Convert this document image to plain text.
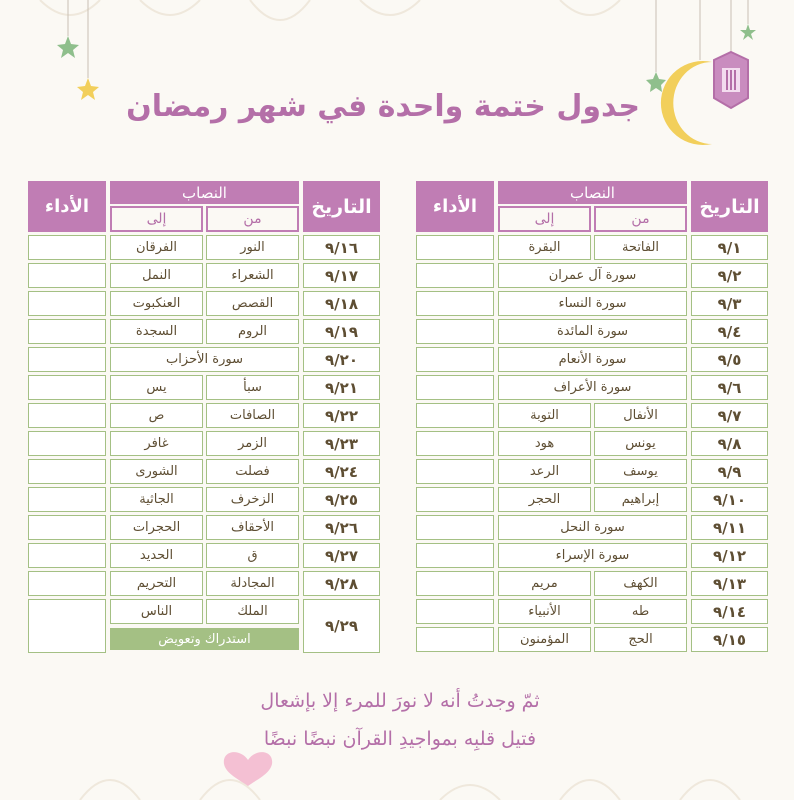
جدول ختمة واحدة في شهر رمضان
التاريخ
النصاب
من
إلى
الأداء
٩/١
الفاتحة
البقرة
٩/٢
سورة آل عمران
٩/٣
سورة النساء
٩/٤
سورة المائدة
٩/٥
سورة الأنعام
٩/٦
سورة الأعراف
٩/٧
الأنفال
التوبة
٩/٨
يونس
هود
٩/٩
يوسف
الرعد
٩/١٠
إبراهيم
الحجر
٩/١١
سورة النحل
٩/١٢
سورة الإسراء
٩/١٣
الكهف
مريم
٩/١٤
طه
الأنبياء
٩/١٥
الحج
المؤمنون
التاريخ
النصاب
من
إلى
الأداء
٩/١٦
النور
الفرقان
٩/١٧
الشعراء
النمل
٩/١٨
القصص
العنكبوت
٩/١٩
الروم
السجدة
٩/٢٠
سورة الأحزاب
٩/٢١
سبأ
يس
٩/٢٢
الصافات
ص
٩/٢٣
الزمر
غافر
٩/٢٤
فصلت
الشورى
٩/٢٥
الزخرف
الجاثية
٩/٢٦
الأحقاف
الحجرات
٩/٢٧
ق
الحديد
٩/٢٨
المجادلة
التحريم
٩/٢٩
الملك
الناس
استدراك وتعويض
ثمّ وجدتُ أنه لا نورَ للمرء إلا بإشعال
فتيل قلبِه بمواجيدِ القرآن نبضًا نبضًا
